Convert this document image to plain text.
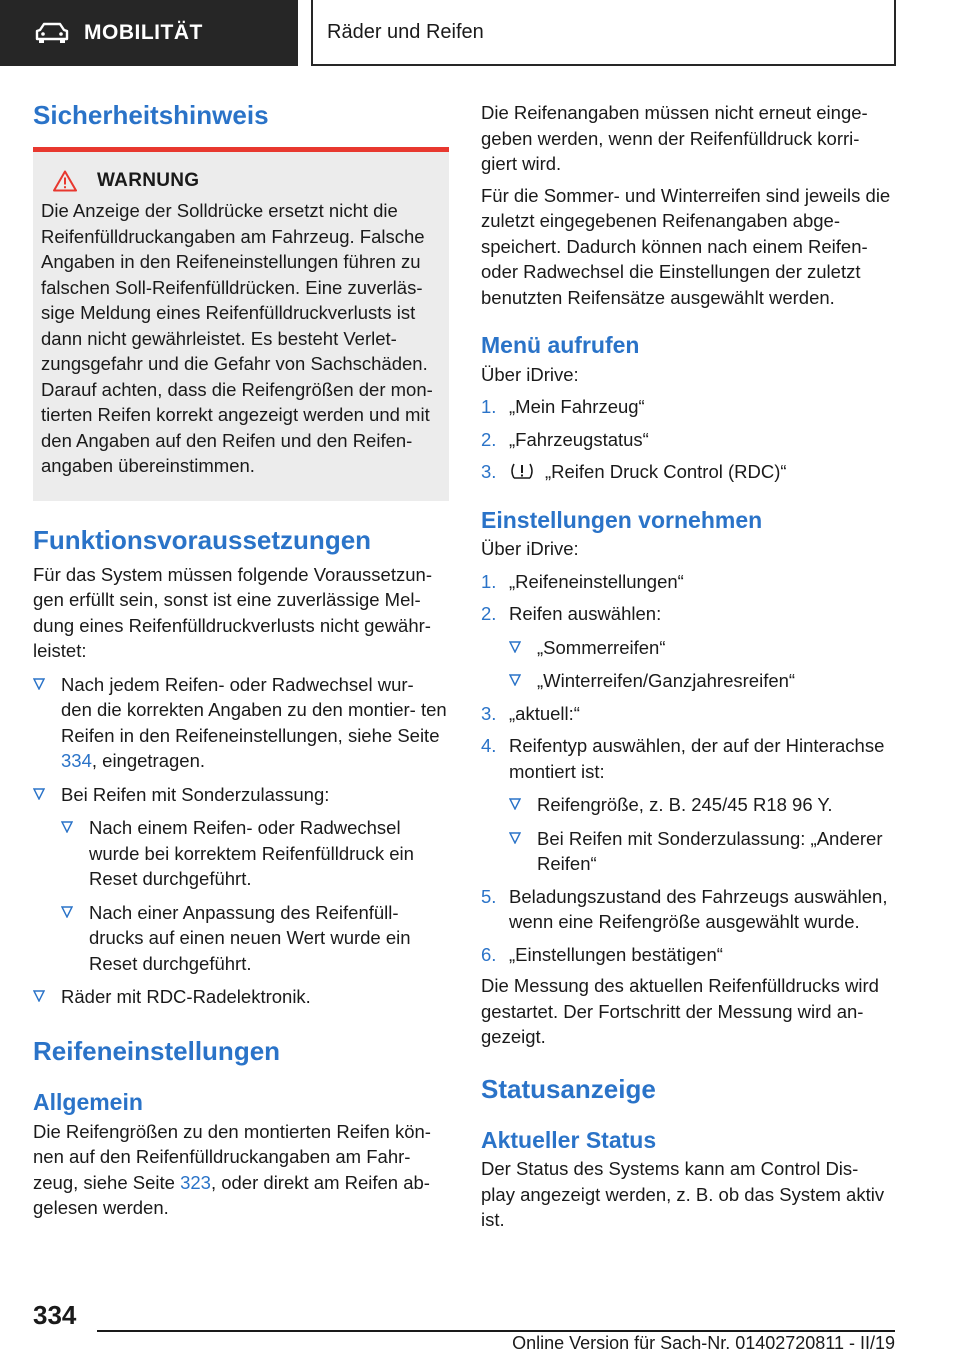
MOBILITÄT	Räder und Reifen
Sicherheitshinweis
WARNUNG

Die Anzeige der Solldrücke ersetzt nicht die Reifenfülldruckangaben am Fahrzeug. Falsche Angaben in den Reifeneinstellungen führen zu falschen Soll-Reifenfülldrücken. Eine zuverläs‐ sige Meldung eines Reifenfülldruckverlusts ist dann nicht gewährleistet. Es besteht Verlet‐ zungsgefahr und die Gefahr von Sachschäden. Darauf achten, dass die Reifengrößen der mon‐ tierten Reifen korrekt angezeigt werden und mit den Angaben auf den Reifen und den Reifen‐ angaben übereinstimmen.

Funktionsvoraussetzungen

Für das System müssen folgende Voraussetzun‐ gen erfüllt sein, sonst ist eine zuverlässige Mel‐ dung eines Reifenfülldruckverlusts nicht gewähr‐ leistet:

Nach jedem Reifen- oder Radwechsel wur‐ den die korrekten Angaben zu den montier‐ ten Reifen in den Reifeneinstellungen, siehe Seite 334, eingetragen.
Bei Reifen mit Sonderzulassung:
Nach einem Reifen- oder Radwechsel wurde bei korrektem Reifenfülldruck ein Reset durchgeführt.
Nach einer Anpassung des Reifenfüll‐ drucks auf einen neuen Wert wurde ein Reset durchgeführt.
Räder mit RDC-Radelektronik.
Reifeneinstellungen
Allgemein

Die Reifengrößen zu den montierten Reifen kön‐ nen auf den Reifenfülldruckangaben am Fahr‐ zeug, siehe Seite 323, oder direkt am Reifen ab‐ gelesen werden.

Die Reifenangaben müssen nicht erneut einge‐ geben werden, wenn der Reifenfülldruck korri‐ giert wird.

Für die Sommer- und Winterreifen sind jeweils die zuletzt eingegebenen Reifenangaben abge‐ speichert. Dadurch können nach einem Reifen- oder Radwechsel die Einstellungen der zuletzt benutzten Reifensätze ausgewählt werden.

Menü aufrufen

Über iDrive:

1. „Mein Fahrzeug“
2. „Fahrzeugstatus“
3.	„Reifen Druck Control (RDC)“
Einstellungen vornehmen

Über iDrive:

1. „Reifeneinstellungen“
2. Reifen auswählen:
„Sommerreifen“
„Winterreifen/Ganzjahresreifen“
3. „aktuell:“
4. Reifentyp auswählen, der auf der Hinterachse montiert ist:
Reifengröße, z. B. 245/45 R18 96 Y.
Bei Reifen mit Sonderzulassung: „Anderer Reifen“
5. Beladungszustand des Fahrzeugs auswählen, wenn eine Reifengröße ausgewählt wurde.
6. „Einstellungen bestätigen“

Die Messung des aktuellen Reifenfülldrucks wird gestartet. Der Fortschritt der Messung wird an‐ gezeigt.

Statusanzeige
Aktueller Status

Der Status des Systems kann am Control Dis‐ play angezeigt werden, z. B. ob das System aktiv ist.

334
Online Version für Sach-Nr. 01402720811 - II/19
